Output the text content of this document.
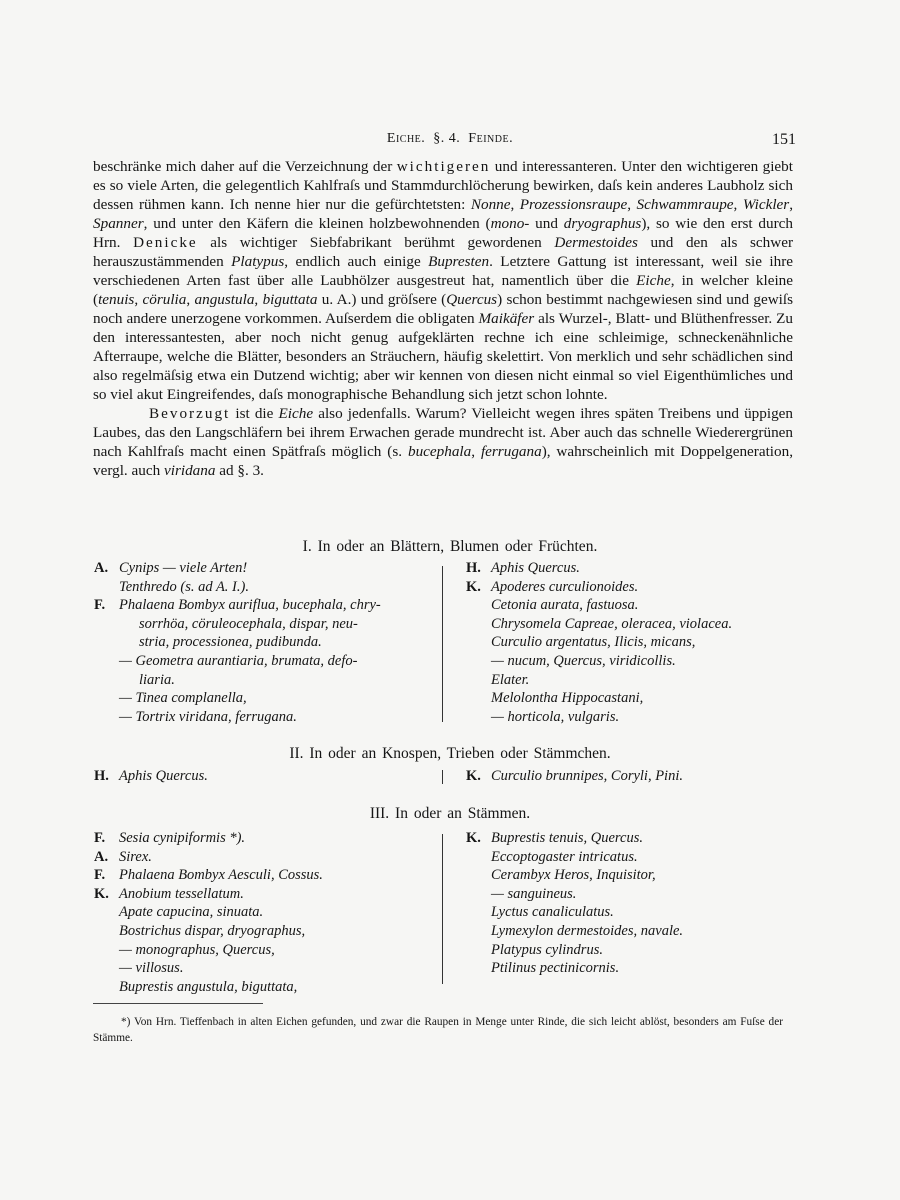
Eiche. §. 4. Feinde.	151

beschränke mich daher auf die Verzeichnung der wichtigeren und interessanteren. Unter den wichtigeren giebt es so viele Arten, die gelegentlich Kahlfraſs und Stammdurchlöcherung bewirken, daſs kein anderes Laubholz sich dessen rühmen kann. Ich nenne hier nur die gefürchtetsten: Nonne, Prozessionsraupe, Schwammraupe, Wickler, Spanner, und unter den Käfern die kleinen holzbewohnenden (mono- und dryographus), so wie den erst durch Hrn. Denicke als wichtiger Siebfabrikant berühmt gewordenen Dermestoides und den als schwer herauszustämmenden Platypus, endlich auch einige Bupresten. Letztere Gattung ist interessant, weil sie ihre verschiedenen Arten fast über alle Laubhölzer ausgestreut hat, namentlich über die Eiche, in welcher kleine (tenuis, cörulia, angustula, biguttata u. A.) und gröſsere (Quercus) schon bestimmt nachgewiesen sind und gewiſs noch andere unerzogene vorkommen. Auſserdem die obligaten Maikäfer als Wurzel-, Blatt- und Blüthenfresser. Zu den interessantesten, aber noch nicht genug aufgeklärten rechne ich eine schleimige, schneckenähnliche Afterraupe, welche die Blätter, besonders an Sträuchern, häufig skelettirt. Von merklich und sehr schädlichen sind also regelmäſsig etwa ein Dutzend wichtig; aber wir kennen von diesen nicht einmal so viel Eigenthümliches und so viel akut Eingreifendes, daſs monographische Behandlung sich jetzt schon lohnte.

Bevorzugt ist die Eiche also jedenfalls. Warum? Vielleicht wegen ihres späten Treibens und üppigen Laubes, das den Langschläfern bei ihrem Erwachen gerade mundrecht ist. Aber auch das schnelle Wiederergrünen nach Kahlfraſs macht einen Spätfraſs möglich (s. bucephala, ferrugana), wahrscheinlich mit Doppelgeneration, vergl. auch viridana ad §. 3.

I. In oder an Blättern, Blumen oder Früchten.
A. Cynips — viele Arten!
Tenthredo (s. ad A. I.).
F. Phalaena Bombyx auriflua, bucephala, chry-
sorrhöa, cöruleocephala, dispar, neu-
stria, processionea, pudibunda.
— Geometra aurantiaria, brumata, defo-
liaria.
— Tinea complanella,
— Tortrix viridana, ferrugana.
H. Aphis Quercus.
K. Apoderes curculionoides.
Cetonia aurata, fastuosa.
Chrysomela Capreae, oleracea, violacea.
Curculio argentatus, Ilicis, micans,
— nucum, Quercus, viridicollis.
Elater.
Melolontha Hippocastani,
— horticola, vulgaris.
II. In oder an Knospen, Trieben oder Stämmchen.
H. Aphis Quercus.	K. Curculio brunnipes, Coryli, Pini.
III. In oder an Stämmen.
F. Sesia cynipiformis *).
A. Sirex.
F. Phalaena Bombyx Aesculi, Cossus.
K. Anobium tessellatum.
Apate capucina, sinuata.
Bostrichus dispar, dryographus,
— monographus, Quercus,
— villosus.
Buprestis angustula, biguttata,
K. Buprestis tenuis, Quercus.
Eccoptogaster intricatus.
Cerambyx Heros, Inquisitor,
— sanguineus.
Lyctus canaliculatus.
Lymexylon dermestoides, navale.
Platypus cylindrus.
Ptilinus pectinicornis.
*) Von Hrn. Tieffenbach in alten Eichen gefunden, und zwar die Raupen in Menge unter Rinde, die sich leicht ablöst, besonders am Fuſse der Stämme.
